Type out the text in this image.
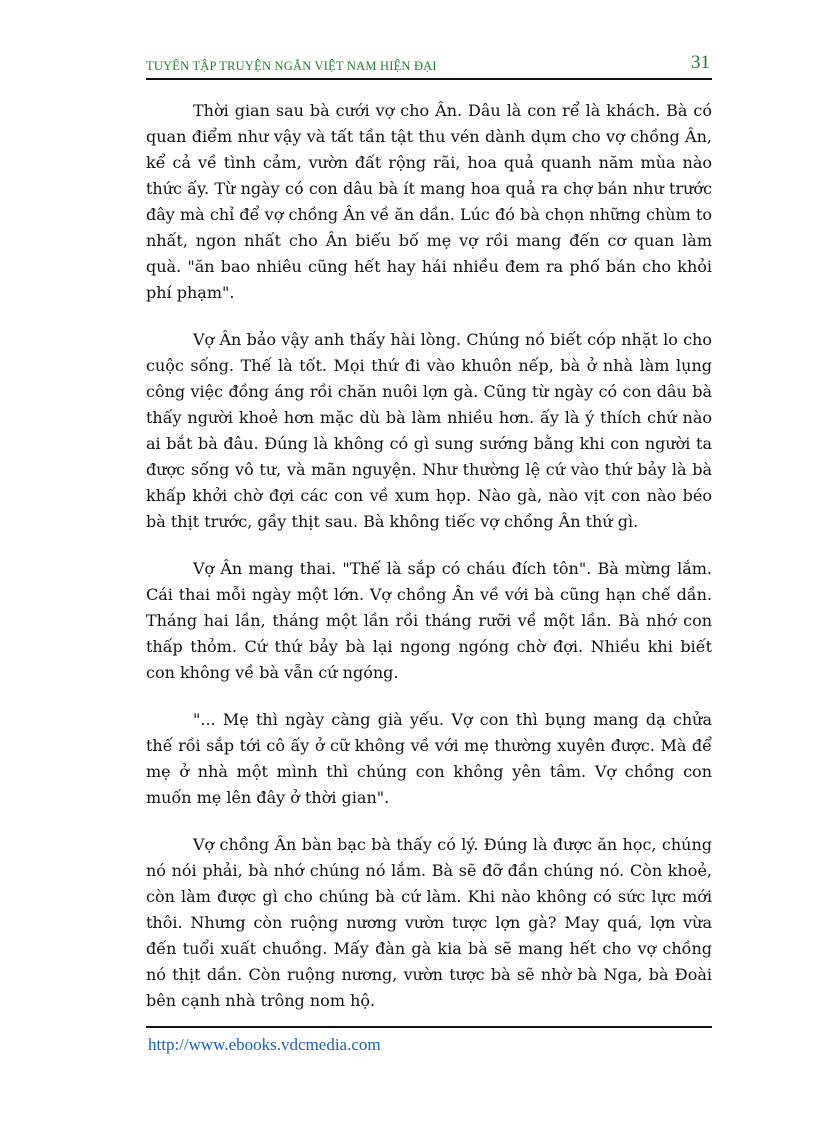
TUYỂN TẬP TRUYỆN NGẮN VIỆT NAM HIỆN ĐẠI	31

Thời gian sau bà cưới vợ cho Ân. Dâu là con rể là khách. Bà có quan điểm như vậy và tất tần tật thu vén dành dụm cho vợ chồng Ân, kể cả về tình cảm, vườn đất rộng rãi, hoa quả quanh năm mùa nào thức ấy. Từ ngày có con dâu bà ít mang hoa quả ra chợ bán như trước đây mà chỉ để vợ chồng Ân về ăn dần. Lúc đó bà chọn những chùm to nhất, ngon nhất cho Ân biếu bố mẹ vợ rồi mang đến cơ quan làm quà. "ăn bao nhiêu cũng hết hay hái nhiều đem ra phố bán cho khỏi phí phạm".

Vợ Ân bảo vậy anh thấy hài lòng. Chúng nó biết cóp nhặt lo cho cuộc sống. Thế là tốt. Mọi thứ đi vào khuôn nếp, bà ở nhà làm lụng công việc đồng áng rồi chăn nuôi lợn gà. Cũng từ ngày có con dâu bà thấy người khoẻ hơn mặc dù bà làm nhiều hơn. ấy là ý thích chứ nào ai bắt bà đâu. Đúng là không có gì sung sướng bằng khi con người ta được sống vô tư, và mãn nguyện. Như thường lệ cứ vào thứ bảy là bà khấp khởi chờ đợi các con về xum họp. Nào gà, nào vịt con nào béo bà thịt trước, gầy thịt sau. Bà không tiếc vợ chồng Ân thứ gì.

Vợ Ân mang thai. "Thế là sắp có cháu đích tôn". Bà mừng lắm. Cái thai mỗi ngày một lớn. Vợ chồng Ân về với bà cũng hạn chế dần. Tháng hai lần, tháng một lần rồi tháng rưỡi về một lần. Bà nhớ con thấp thỏm. Cứ thứ bảy bà lại ngong ngóng chờ đợi. Nhiều khi biết con không về bà vẫn cứ ngóng.

"... Mẹ thì ngày càng già yếu. Vợ con thì bụng mang dạ chửa thế rồi sắp tới cô ấy ở cữ không về với mẹ thường xuyên được. Mà để mẹ ở nhà một mình thì chúng con không yên tâm. Vợ chồng con muốn mẹ lên đây ở thời gian".

Vợ chồng Ân bàn bạc bà thấy có lý. Đúng là được ăn học, chúng nó nói phải, bà nhớ chúng nó lắm. Bà sẽ đỡ đần chúng nó. Còn khoẻ, còn làm được gì cho chúng bà cứ làm. Khi nào không có sức lực mới thôi. Nhưng còn ruộng nương vườn tược lợn gà? May quá, lợn vừa đến tuổi xuất chuồng. Mấy đàn gà kia bà sẽ mang hết cho vợ chồng nó thịt dần. Còn ruộng nương, vườn tược bà sẽ nhờ bà Nga, bà Đoài bên cạnh nhà trông nom hộ.

http://www.ebooks.vdcmedia.com
